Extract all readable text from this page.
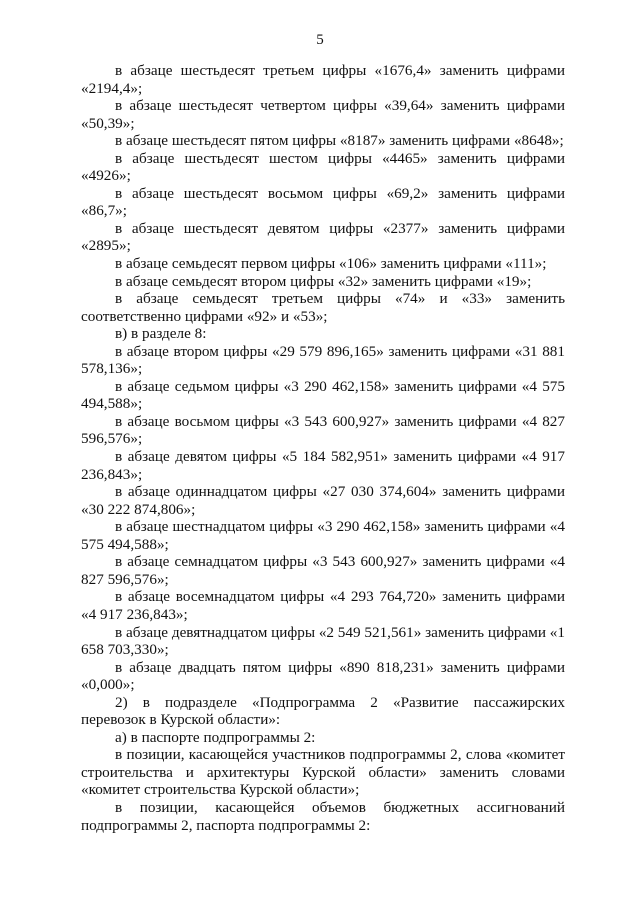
5

в абзаце шестьдесят третьем цифры «1676,4» заменить цифрами «2194,4»;

в абзаце шестьдесят четвертом цифры «39,64» заменить цифрами «50,39»;

в абзаце шестьдесят пятом цифры «8187» заменить цифрами «8648»;

в абзаце шестьдесят шестом цифры «4465» заменить цифрами «4926»;

в абзаце шестьдесят восьмом цифры «69,2» заменить цифрами «86,7»;

в абзаце шестьдесят девятом цифры «2377» заменить цифрами «2895»;

в абзаце семьдесят первом цифры «106» заменить цифрами «111»;

в абзаце семьдесят втором цифры «32» заменить цифрами «19»;

в абзаце семьдесят третьем цифры «74» и «33» заменить соответственно цифрами «92» и «53»;

в) в разделе 8:

в абзаце втором цифры «29 579 896,165» заменить цифрами «31 881 578,136»;

в абзаце седьмом цифры «3 290 462,158» заменить цифрами «4 575 494,588»;

в абзаце восьмом цифры «3 543 600,927» заменить цифрами «4 827 596,576»;

в абзаце девятом цифры «5 184 582,951» заменить цифрами «4 917 236,843»;

в абзаце одиннадцатом цифры «27 030 374,604» заменить цифрами «30 222 874,806»;

в абзаце шестнадцатом цифры «3 290 462,158» заменить цифрами «4 575 494,588»;

в абзаце семнадцатом цифры «3 543 600,927» заменить цифрами «4 827 596,576»;

в абзаце восемнадцатом цифры «4 293 764,720» заменить цифрами «4 917 236,843»;

в абзаце девятнадцатом цифры «2 549 521,561» заменить цифрами «1 658 703,330»;

в абзаце двадцать пятом цифры «890 818,231» заменить цифрами «0,000»;

2) в подразделе «Подпрограмма 2 «Развитие пассажирских перевозок в Курской области»:

а) в паспорте подпрограммы 2:

в позиции, касающейся участников подпрограммы 2, слова «комитет строительства и архитектуры Курской области» заменить словами «комитет строительства Курской области»;

в позиции, касающейся объемов бюджетных ассигнований подпрограммы 2, паспорта подпрограммы 2:
